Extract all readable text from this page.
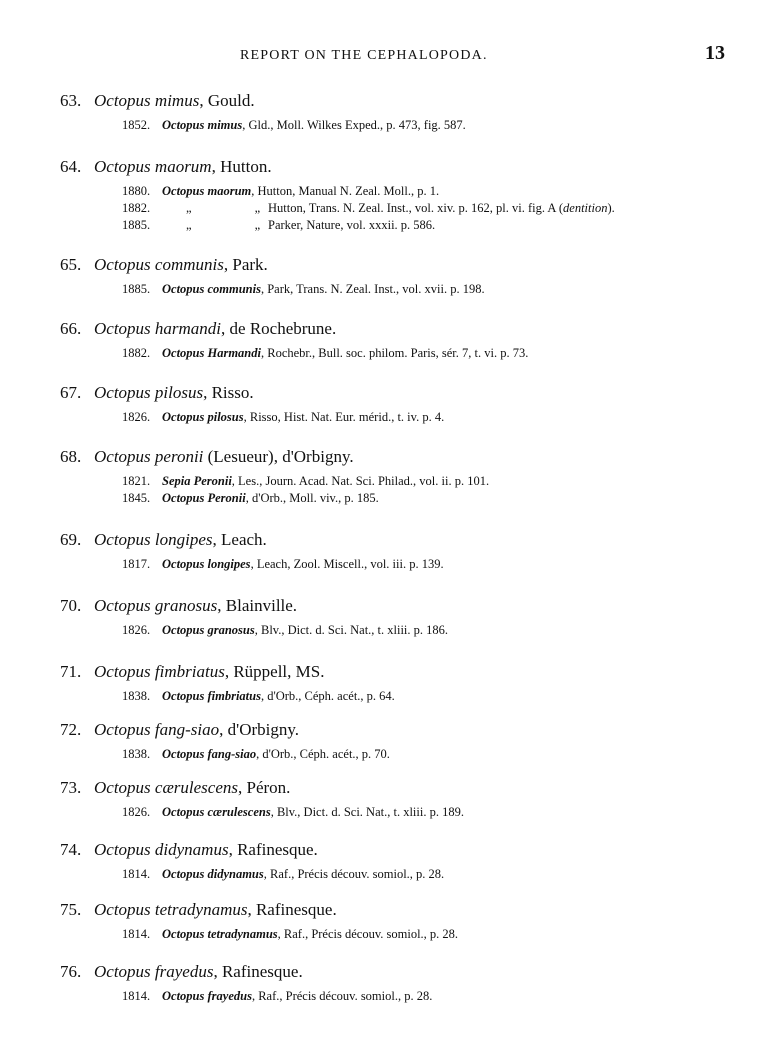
REPORT ON THE CEPHALOPODA.	13
63. Octopus mimus, Gould.
1852. Octopus mimus, Gld., Moll. Wilkes Exped., p. 473, fig. 587.
64. Octopus maorum, Hutton.
1880. Octopus maorum, Hutton, Manual N. Zeal. Moll., p. 1.
1882.	„ „Hutton, Trans. N. Zeal. Inst., vol. xiv. p. 162, pl. vi. fig. A (dentition).
1885.	„ „Parker, Nature, vol. xxxii. p. 586.
65. Octopus communis, Park.
1885. Octopus communis, Park, Trans. N. Zeal. Inst., vol. xvii. p. 198.
66. Octopus harmandi, de Rochebrune.
1882. Octopus Harmandi, Rochebr., Bull. soc. philom. Paris, sér. 7, t. vi. p. 73.
67. Octopus pilosus, Risso.
1826. Octopus pilosus, Risso, Hist. Nat. Eur. mérid., t. iv. p. 4.
68. Octopus peronii (Lesueur), d'Orbigny.
1821. Sepia Peronii, Les., Journ. Acad. Nat. Sci. Philad., vol. ii. p. 101.
1845. Octopus Peronii, d'Orb., Moll. viv., p. 185.
69. Octopus longipes, Leach.
1817. Octopus longipes, Leach, Zool. Miscell., vol. iii. p. 139.
70. Octopus granosus, Blainville.
1826. Octopus granosus, Blv., Dict. d. Sci. Nat., t. xliii. p. 186.
71. Octopus fimbriatus, Rüppell, MS.
1838. Octopus fimbriatus, d'Orb., Céph. acét., p. 64.
72. Octopus fang-siao, d'Orbigny.
1838. Octopus fang-siao, d'Orb., Céph. acét., p. 70.
73. Octopus cærulescens, Péron.
1826. Octopus cærulescens, Blv., Dict. d. Sci. Nat., t. xliii. p. 189.
74. Octopus didynamus, Rafinesque.
1814. Octopus didynamus, Raf., Précis découv. somiol., p. 28.
75. Octopus tetradynamus, Rafinesque.
1814. Octopus tetradynamus, Raf., Précis découv. somiol., p. 28.
76. Octopus frayedus, Rafinesque.
1814. Octopus frayedus, Raf., Précis découv. somiol., p. 28.
